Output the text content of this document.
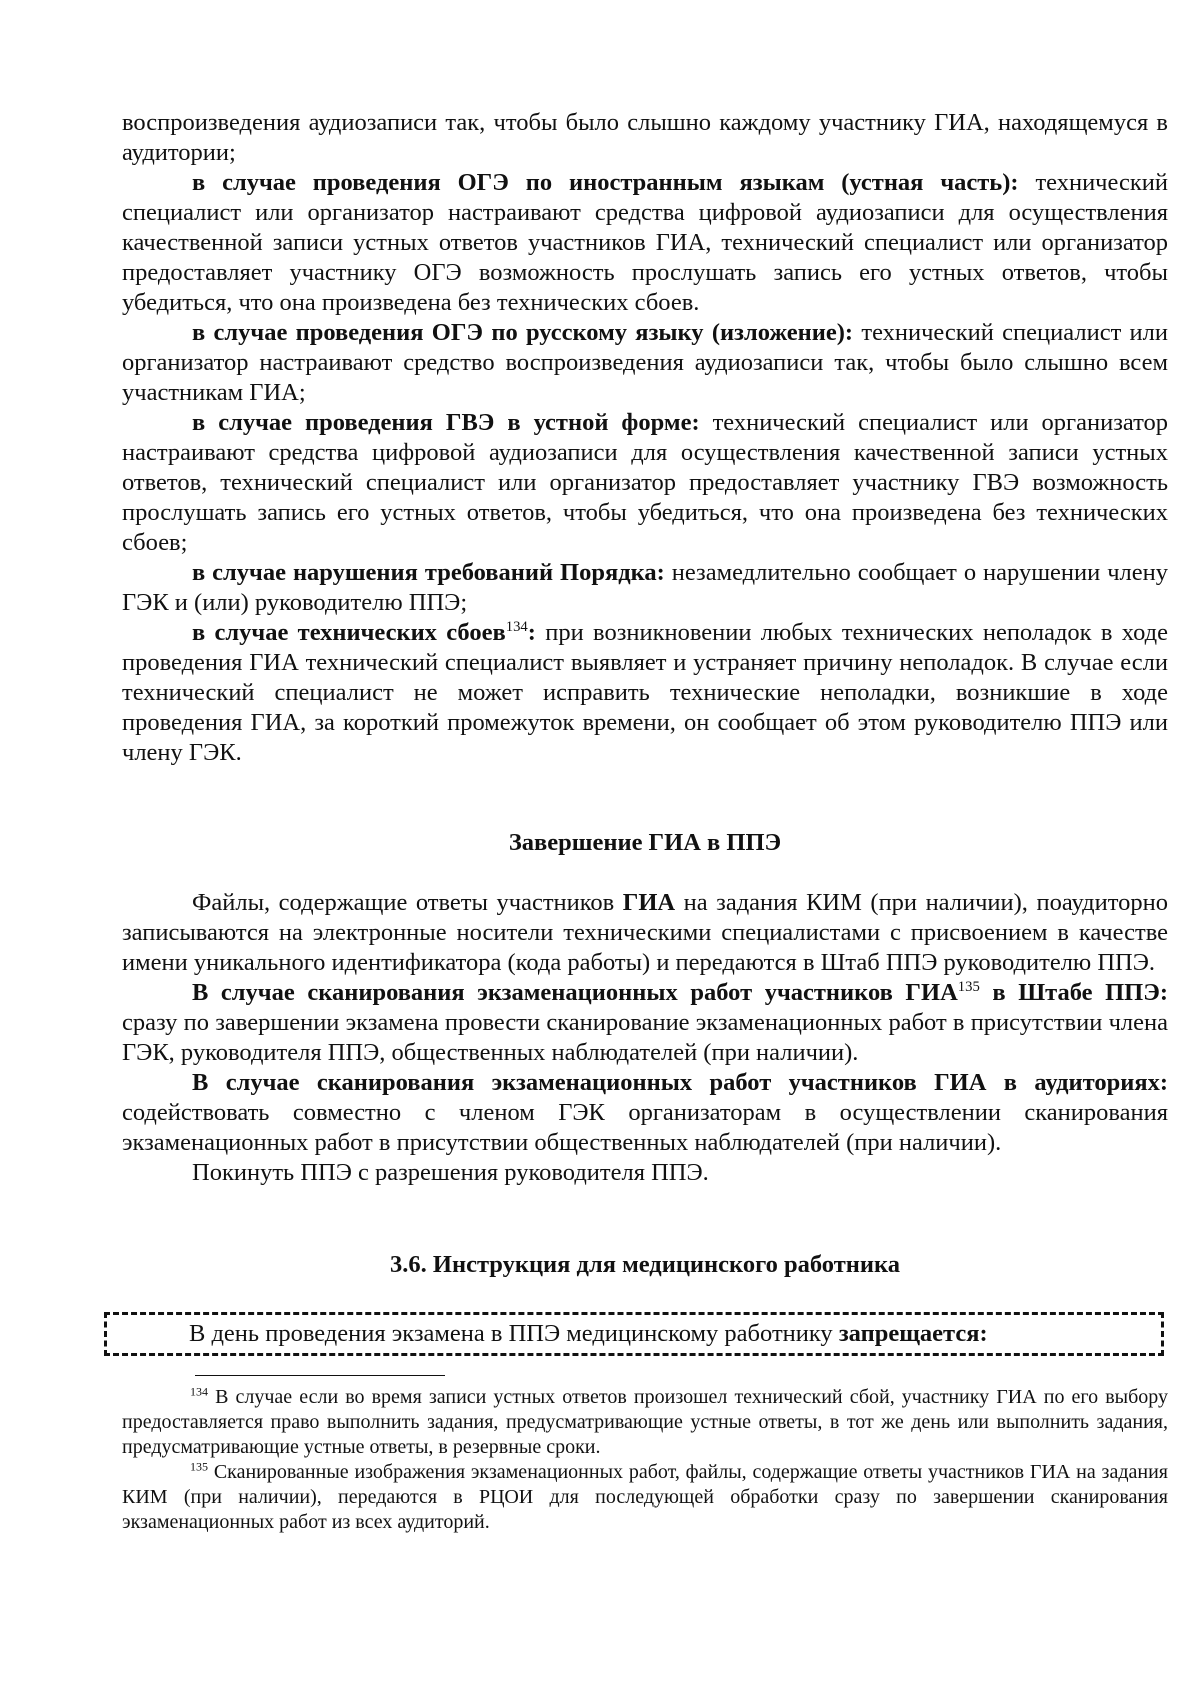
воспроизведения аудиозаписи так, чтобы было слышно каждому участнику ГИА, находящемуся в аудитории;

в случае проведения ОГЭ по иностранным языкам (устная часть): технический специалист или организатор настраивают средства цифровой аудиозаписи для осуществления качественной записи устных ответов участников ГИА, технический специалист или организатор предоставляет участнику ОГЭ возможность прослушать запись его устных ответов, чтобы убедиться, что она произведена без технических сбоев.

в случае проведения ОГЭ по русскому языку (изложение): технический специалист или организатор настраивают средство воспроизведения аудиозаписи так, чтобы было слышно всем участникам ГИА;

в случае проведения ГВЭ в устной форме: технический специалист или организатор настраивают средства цифровой аудиозаписи для осуществления качественной записи устных ответов, технический специалист или организатор предоставляет участнику ГВЭ возможность прослушать запись его устных ответов, чтобы убедиться, что она произведена без технических сбоев;

в случае нарушения требований Порядка: незамедлительно сообщает о нарушении члену ГЭК и (или) руководителю ППЭ;

в случае технических сбоев$^{134}$: при возникновении любых технических неполадок в ходе проведения ГИА технический специалист выявляет и устраняет причину неполадок. В случае если технический специалист не может исправить технические неполадки, возникшие в ходе проведения ГИА, за короткий промежуток времени, он сообщает об этом руководителю ППЭ или члену ГЭК.

Завершение ГИА в ППЭ

Файлы, содержащие ответы участников ГИА на задания КИМ (при наличии), поаудиторно записываются на электронные носители техническими специалистами с присвоением в качестве имени уникального идентификатора (кода работы) и передаются в Штаб ППЭ руководителю ППЭ.

В случае сканирования экзаменационных работ участников ГИА$^{135}$ в Штабе ППЭ: сразу по завершении экзамена провести сканирование экзаменационных работ в присутствии члена ГЭК, руководителя ППЭ, общественных наблюдателей (при наличии).

В случае сканирования экзаменационных работ участников ГИА в аудиториях: содействовать совместно с членом ГЭК организаторам в осуществлении сканирования экзаменационных работ в присутствии общественных наблюдателей (при наличии).

Покинуть ППЭ с разрешения руководителя ППЭ.

3.6. Инструкция для медицинского работника
В день проведения экзамена в ППЭ медицинскому работнику запрещается:

$^{134}$ В случае если во время записи устных ответов произошел технический сбой, участнику ГИА по его выбору предоставляется право выполнить задания, предусматривающие устные ответы, в тот же день или выполнить задания, предусматривающие устные ответы, в резервные сроки.

$^{135}$ Сканированные изображения экзаменационных работ, файлы, содержащие ответы участников ГИА на задания КИМ (при наличии), передаются в РЦОИ для последующей обработки сразу по завершении сканирования экзаменационных работ из всех аудиторий.
